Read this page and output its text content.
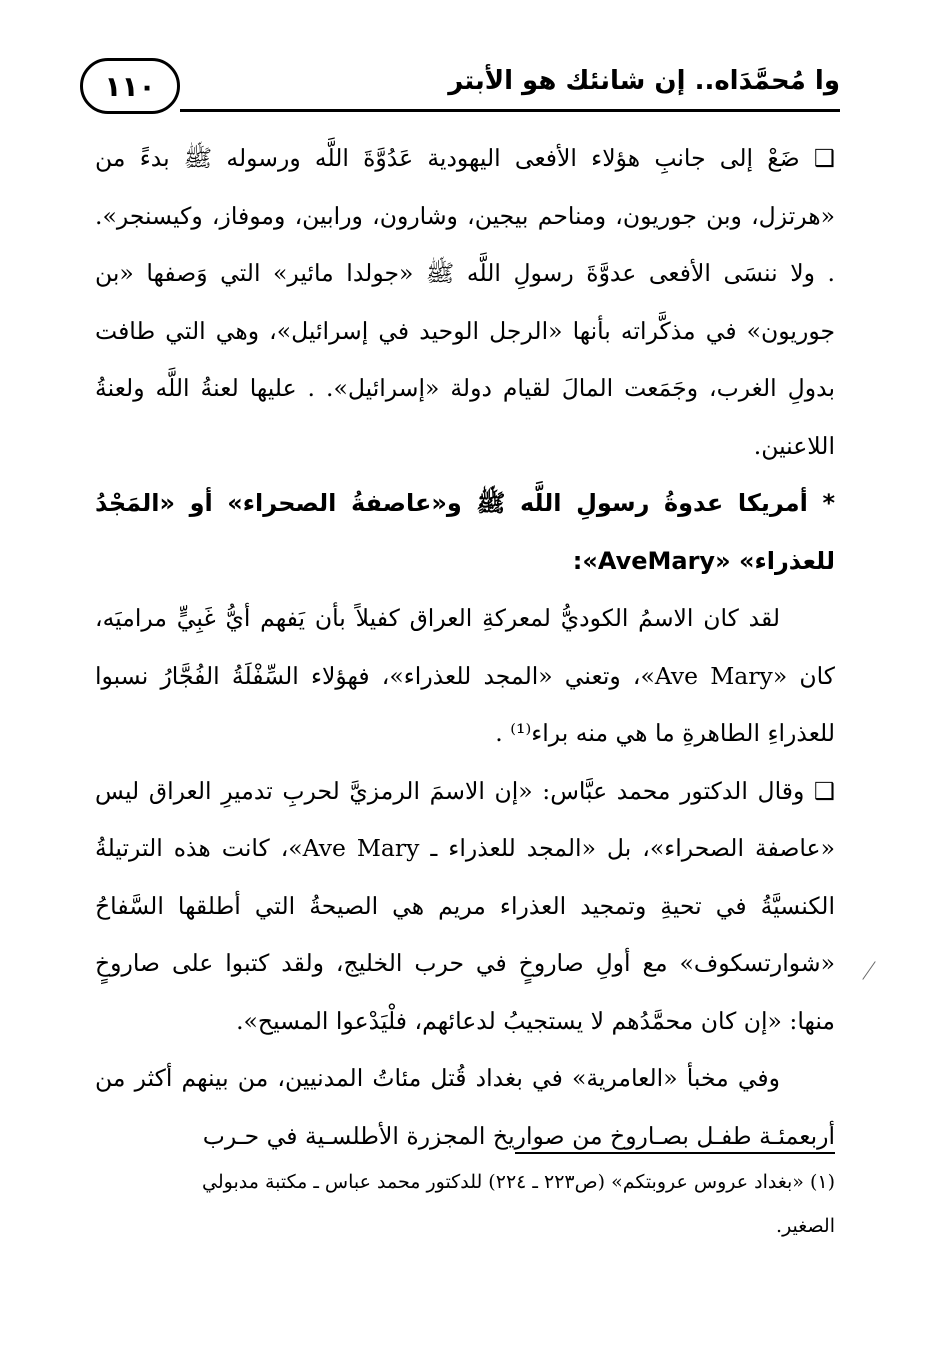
١١٠	وا مُحمَّدَاه.. إن شانئك هو الأبتر

❑ ضَعْ إلى جانبِ هؤلاء الأفعى اليهودية عَدُوَّةَ اللَّه ورسوله ﷺ بدءً من «هرتزل، وبن جوريون، ومناحم بيجين، وشارون، ورابين، وموفاز، وكيسنجر». . ولا ننسَى الأفعى عدوَّةَ رسولِ اللَّه ﷺ «جولدا مائير» التي وَصفها «بن جوريون» في مذكَّراته بأنها «الرجل الوحيد في إسرائيل»، وهي التي طافت بدولِ الغرب، وجَمَعت المالَ لقيام دولة «إسرائيل». . عليها لعنةُ اللَّه ولعنةُ اللاعنين.

* أمريكا عدوةُ رسولِ اللَّه ﷺ و«عاصفةُ الصحراء» أو «المَجْدُ للعذراء» «AveMary»:

لقد كان الاسمُ الكوديُّ لمعركةِ العراق كفيلاً بأن يَفهم أيُّ غَبِيٍّ مراميَه، كان «Ave Mary»، وتعني «المجد للعذراء»، فهؤلاء السِّفْلَةُ الفُجَّارُ نسبوا للعذراءِ الطاهرةِ ما هي منه براء⁽¹⁾ .

❑ وقال الدكتور محمد عبَّاس: «إن الاسمَ الرمزيَّ لحربِ تدميرِ العراق ليس «عاصفة الصحراء»، بل «المجد للعذراء ـ Ave Mary»، كانت هذه الترتيلةُ الكنسيَّةُ في تحيةِ وتمجيد العذراء مريم هي الصيحةُ التي أطلقها السَّفاحُ «شوارتسكوف» مع أولِ صاروخٍ في حرب الخليج، ولقد كتبوا على صاروخٍ منها: «إن كان محمَّدُهم لا يستجيبُ لدعائهم، فلْيَدْعوا المسيح».

وفي مخبأ «العامرية» في بغداد قُتل مئاتُ المدنيين، من بينهم أكثر من أربعمئـة طفـل بصـاروخ من صواريخ المجزرة الأطلسـية في حـرب

(١) «بغداد عروس عروبتكم» (ص٢٢٣ ـ ٢٢٤) للدكتور محمد عباس ـ مكتبة مدبولي

الصغير.
